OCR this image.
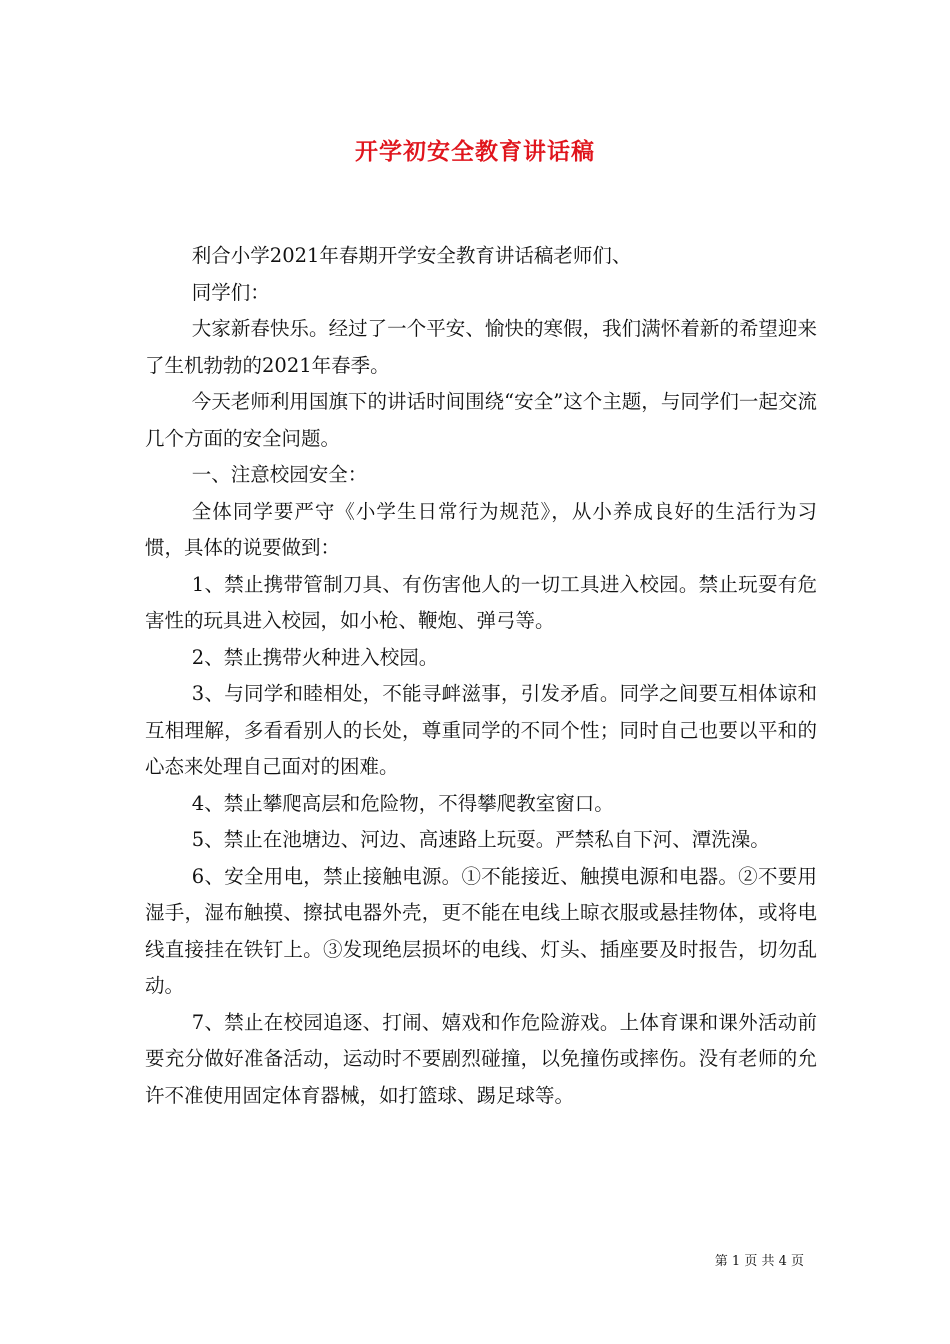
开学初安全教育讲话稿

利合小学2021年春期开学安全教育讲话稿老师们、

同学们：

大家新春快乐。经过了一个平安、愉快的寒假，我们满怀着新的希望迎来了生机勃勃的2021年春季。

今天老师利用国旗下的讲话时间围绕“安全”这个主题，与同学们一起交流几个方面的安全问题。

一、注意校园安全：

全体同学要严守《小学生日常行为规范》，从小养成良好的生活行为习惯，具体的说要做到：

1、禁止携带管制刀具、有伤害他人的一切工具进入校园。禁止玩耍有危害性的玩具进入校园，如小枪、鞭炮、弹弓等。

2、禁止携带火种进入校园。

3、与同学和睦相处，不能寻衅滋事，引发矛盾。同学之间要互相体谅和互相理解，多看看别人的长处，尊重同学的不同个性；同时自己也要以平和的心态来处理自己面对的困难。

4、禁止攀爬高层和危险物，不得攀爬教室窗口。

5、禁止在池塘边、河边、高速路上玩耍。严禁私自下河、潭洗澡。

6、安全用电，禁止接触电源。①不能接近、触摸电源和电器。②不要用湿手，湿布触摸、擦拭电器外壳，更不能在电线上晾衣服或悬挂物体，或将电线直接挂在铁钉上。③发现绝层损坏的电线、灯头、插座要及时报告，切勿乱动。

7、禁止在校园追逐、打闹、嬉戏和作危险游戏。上体育课和课外活动前要充分做好准备活动，运动时不要剧烈碰撞，以免撞伤或摔伤。没有老师的允许不准使用固定体育器械，如打篮球、踢足球等。

第 1 页 共 4 页
